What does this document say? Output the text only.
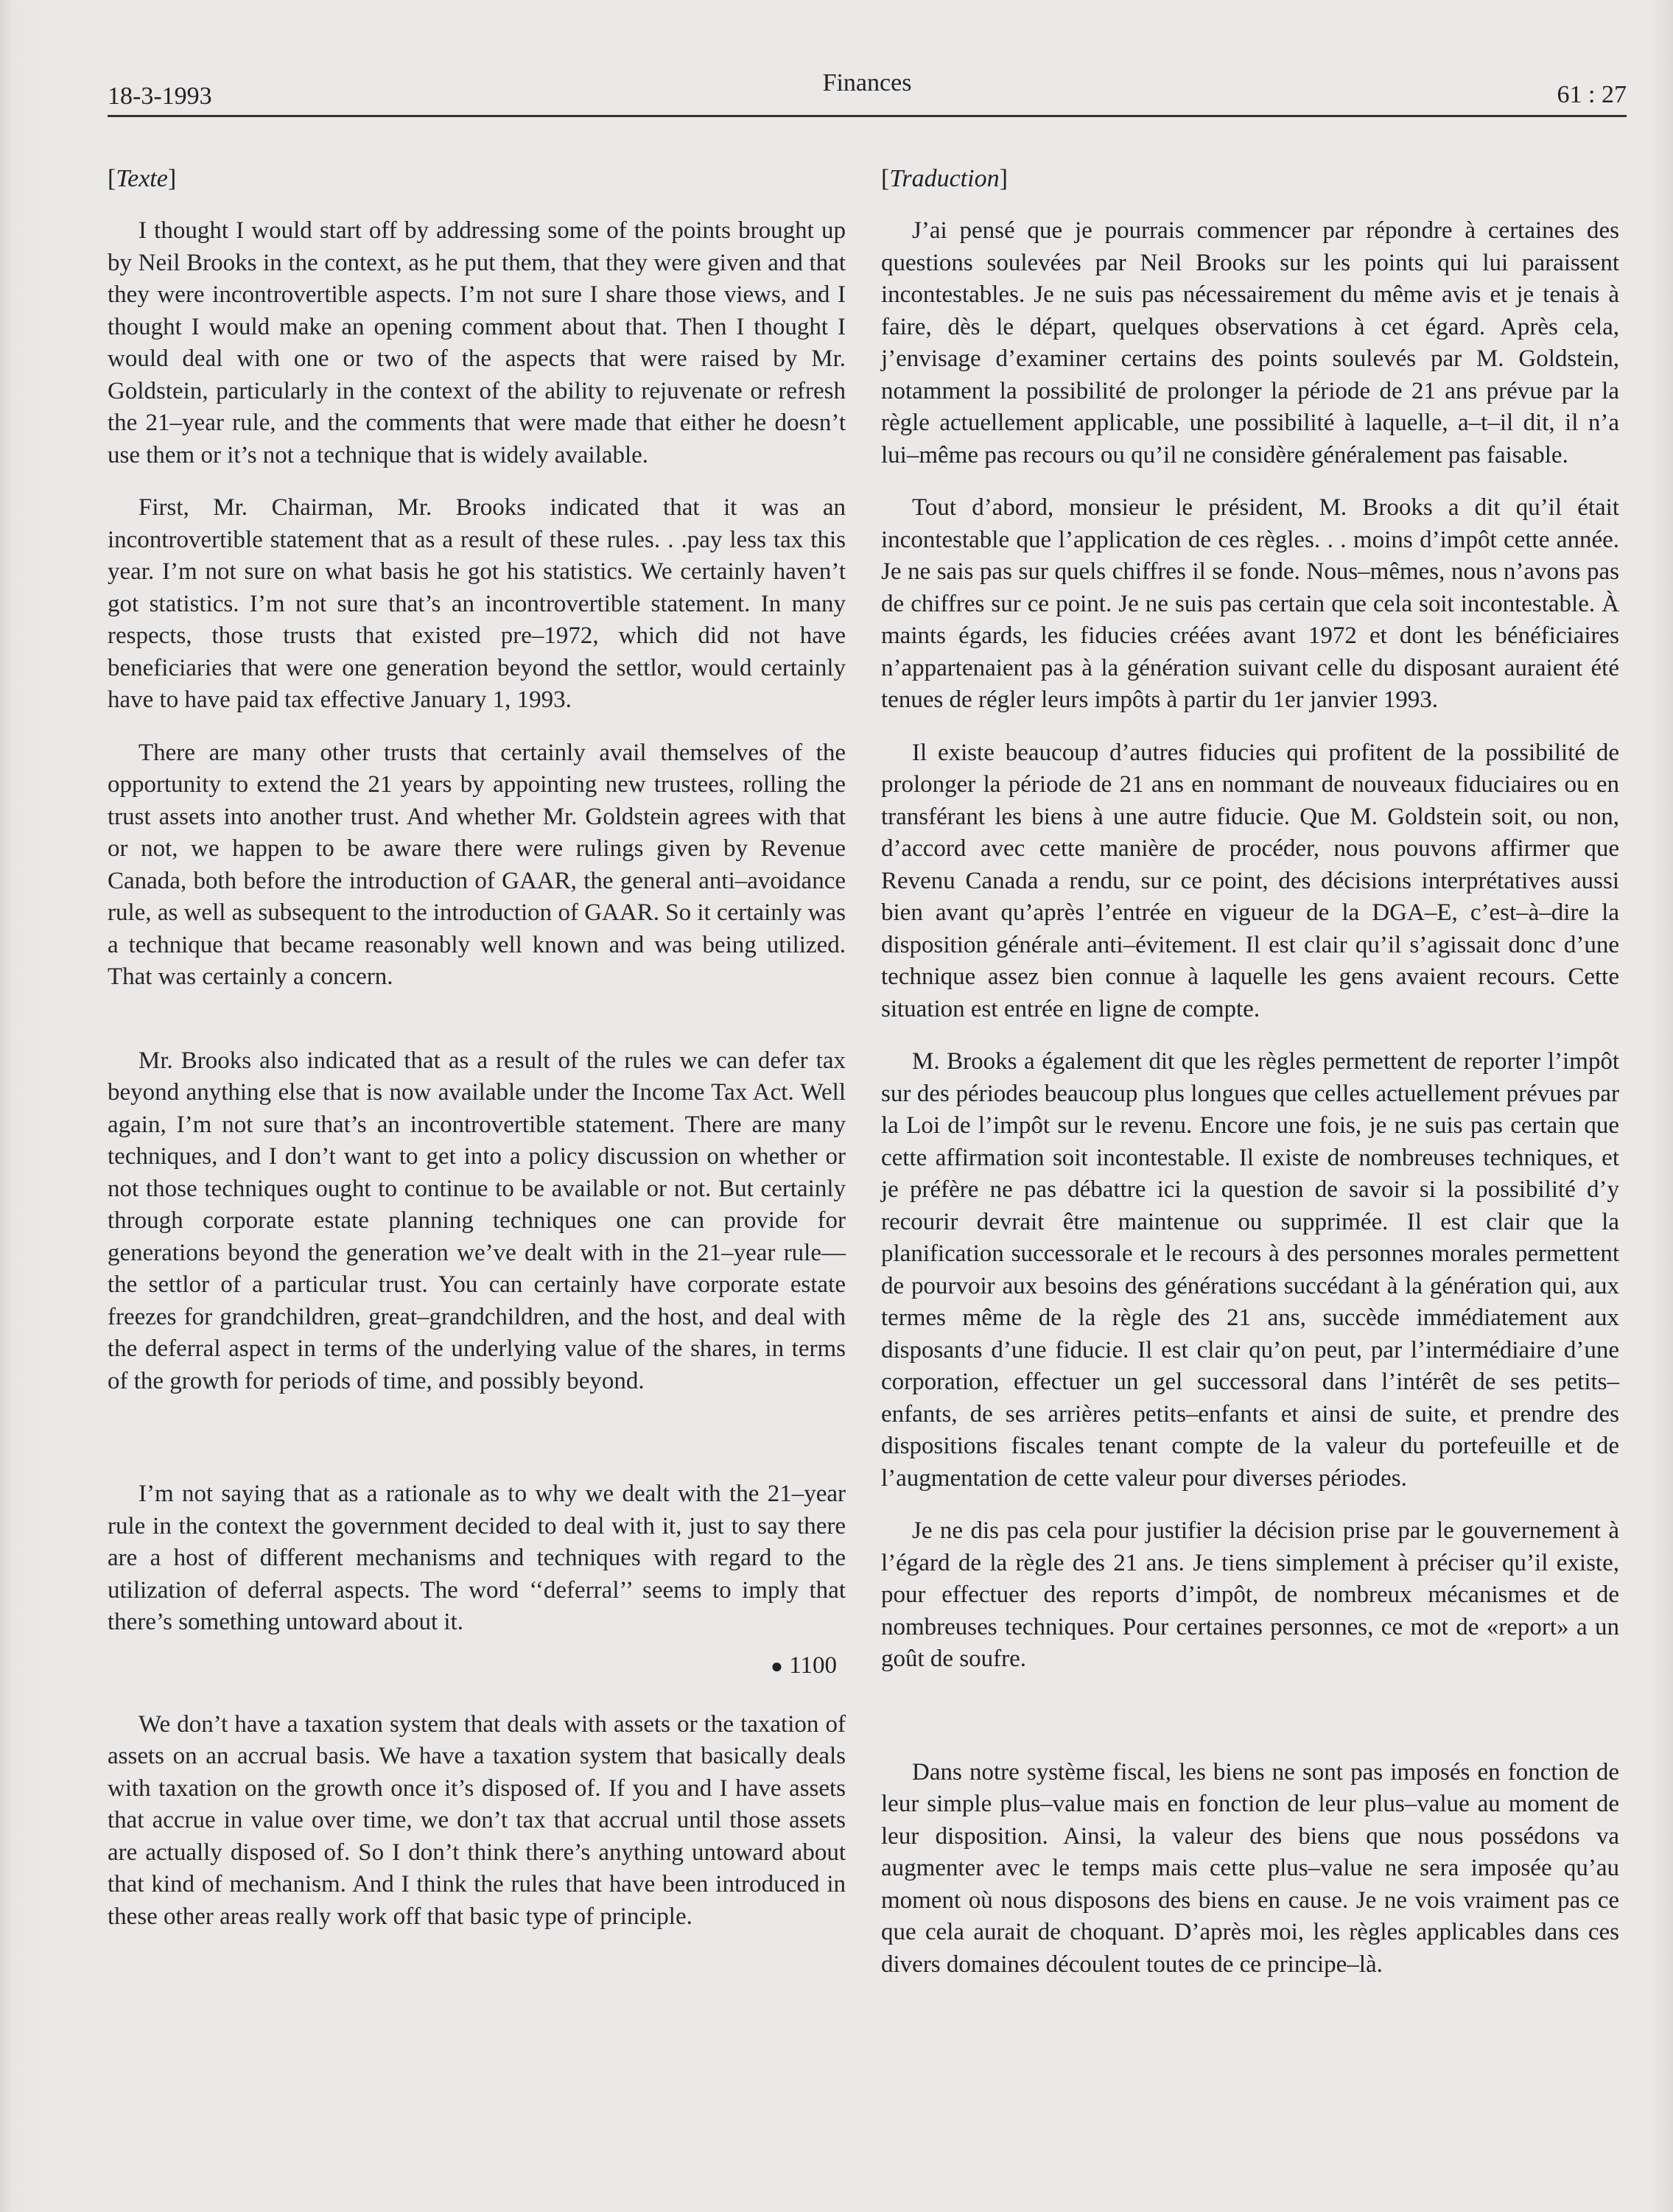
18-3-1993	Finances	61 : 27
[Texte]

I thought I would start off by addressing some of the points brought up by Neil Brooks in the context, as he put them, that they were given and that they were incontrovertible aspects. I’m not sure I share those views, and I thought I would make an opening comment about that. Then I thought I would deal with one or two of the aspects that were raised by Mr. Goldstein, particularly in the context of the ability to rejuvenate or refresh the 21–year rule, and the comments that were made that either he doesn’t use them or it’s not a technique that is widely available.

First, Mr. Chairman, Mr. Brooks indicated that it was an incontrovertible statement that as a result of these rules. . .pay less tax this year. I’m not sure on what basis he got his statistics. We certainly haven’t got statistics. I’m not sure that’s an incontrovertible statement. In many respects, those trusts that existed pre–1972, which did not have beneficiaries that were one generation beyond the settlor, would certainly have to have paid tax effective January 1, 1993.

There are many other trusts that certainly avail themselves of the opportunity to extend the 21 years by appointing new trustees, rolling the trust assets into another trust. And whether Mr. Goldstein agrees with that or not, we happen to be aware there were rulings given by Revenue Canada, both before the introduction of GAAR, the general anti–avoidance rule, as well as subsequent to the introduction of GAAR. So it certainly was a technique that became reasonably well known and was being utilized. That was certainly a concern.

Mr. Brooks also indicated that as a result of the rules we can defer tax beyond anything else that is now available under the Income Tax Act. Well again, I’m not sure that’s an incontrovertible statement. There are many techniques, and I don’t want to get into a policy discussion on whether or not those techniques ought to continue to be available or not. But certainly through corporate estate planning techniques one can provide for generations beyond the generation we’ve dealt with in the 21–year rule—the settlor of a particular trust. You can certainly have corporate estate freezes for grandchildren, great–grandchildren, and the host, and deal with the deferral aspect in terms of the underlying value of the shares, in terms of the growth for periods of time, and possibly beyond.

I’m not saying that as a rationale as to why we dealt with the 21–year rule in the context the government decided to deal with it, just to say there are a host of different mechanisms and techniques with regard to the utilization of deferral aspects. The word ‘‘deferral’’ seems to imply that there’s something untoward about it.

● 1100

We don’t have a taxation system that deals with assets or the taxation of assets on an accrual basis. We have a taxation system that basically deals with taxation on the growth once it’s disposed of. If you and I have assets that accrue in value over time, we don’t tax that accrual until those assets are actually disposed of. So I don’t think there’s anything untoward about that kind of mechanism. And I think the rules that have been introduced in these other areas really work off that basic type of principle.

[Traduction]

J’ai pensé que je pourrais commencer par répondre à certaines des questions soulevées par Neil Brooks sur les points qui lui paraissent incontestables. Je ne suis pas nécessairement du même avis et je tenais à faire, dès le départ, quelques observations à cet égard. Après cela, j’envisage d’examiner certains des points soulevés par M. Goldstein, notamment la possibilité de prolonger la période de 21 ans prévue par la règle actuellement applicable, une possibilité à laquelle, a–t–il dit, il n’a lui–même pas recours ou qu’il ne considère généralement pas faisable.

Tout d’abord, monsieur le président, M. Brooks a dit qu’il était incontestable que l’application de ces règles. . . moins d’impôt cette année. Je ne sais pas sur quels chiffres il se fonde. Nous–mêmes, nous n’avons pas de chiffres sur ce point. Je ne suis pas certain que cela soit incontestable. À maints égards, les fiducies créées avant 1972 et dont les bénéficiaires n’appartenaient pas à la génération suivant celle du disposant auraient été tenues de régler leurs impôts à partir du 1er janvier 1993.

Il existe beaucoup d’autres fiducies qui profitent de la possibilité de prolonger la période de 21 ans en nommant de nouveaux fiduciaires ou en transférant les biens à une autre fiducie. Que M. Goldstein soit, ou non, d’accord avec cette manière de procéder, nous pouvons affirmer que Revenu Canada a rendu, sur ce point, des décisions interprétatives aussi bien avant qu’après l’entrée en vigueur de la DGA–E, c’est–à–dire la disposition générale anti–évitement. Il est clair qu’il s’agissait donc d’une technique assez bien connue à laquelle les gens avaient recours. Cette situation est entrée en ligne de compte.

M. Brooks a également dit que les règles permettent de reporter l’impôt sur des périodes beaucoup plus longues que celles actuellement prévues par la Loi de l’impôt sur le revenu. Encore une fois, je ne suis pas certain que cette affirmation soit incontestable. Il existe de nombreuses techniques, et je préfère ne pas débattre ici la question de savoir si la possibilité d’y recourir devrait être maintenue ou supprimée. Il est clair que la planification successorale et le recours à des personnes morales permettent de pourvoir aux besoins des générations succédant à la génération qui, aux termes même de la règle des 21 ans, succède immédiatement aux disposants d’une fiducie. Il est clair qu’on peut, par l’intermédiaire d’une corporation, effectuer un gel successoral dans l’intérêt de ses petits–enfants, de ses arrières petits–enfants et ainsi de suite, et prendre des dispositions fiscales tenant compte de la valeur du portefeuille et de l’augmentation de cette valeur pour diverses périodes.

Je ne dis pas cela pour justifier la décision prise par le gouvernement à l’égard de la règle des 21 ans. Je tiens simplement à préciser qu’il existe, pour effectuer des reports d’impôt, de nombreux mécanismes et de nombreuses techniques. Pour certaines personnes, ce mot de «report» a un goût de soufre.

Dans notre système fiscal, les biens ne sont pas imposés en fonction de leur simple plus–value mais en fonction de leur plus–value au moment de leur disposition. Ainsi, la valeur des biens que nous possédons va augmenter avec le temps mais cette plus–value ne sera imposée qu’au moment où nous disposons des biens en cause. Je ne vois vraiment pas ce que cela aurait de choquant. D’après moi, les règles applicables dans ces divers domaines découlent toutes de ce principe–là.
